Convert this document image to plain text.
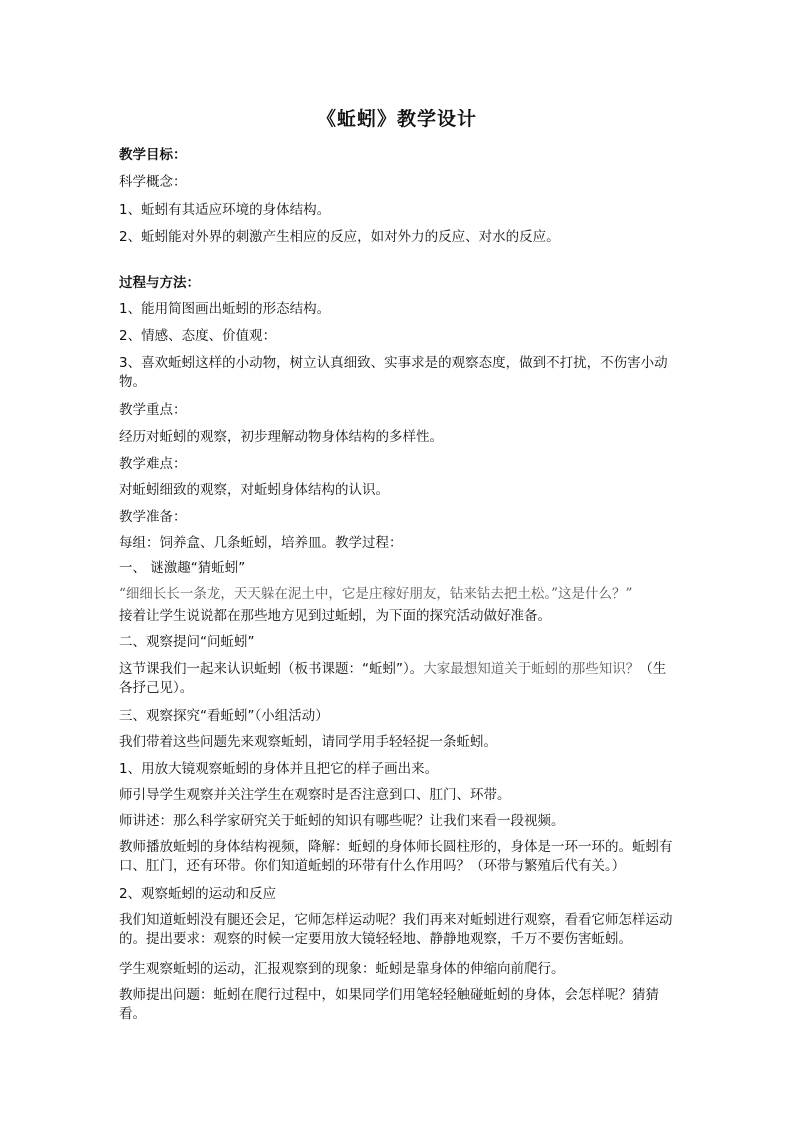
《蚯蚓》教学设计
教学目标：
科学概念：
1、蚯蚓有其适应环境的身体结构。
2、蚯蚓能对外界的刺激产生相应的反应，如对外力的反应、对水的反应。
过程与方法：
1、能用简图画出蚯蚓的形态结构。
2、情感、态度、价值观：
3、喜欢蚯蚓这样的小动物，树立认真细致、实事求是的观察态度，做到不打扰，不伤害小动物。
教学重点：
经历对蚯蚓的观察，初步理解动物身体结构的多样性。
教学难点：
对蚯蚓细致的观察，对蚯蚓身体结构的认识。
教学准备：
每组：饲养盒、几条蚯蚓，培养皿。教学过程：
一、 谜激趣“猜蚯蚓”
“细细长长一条龙，天天躲在泥土中，它是庄稼好朋友，钻来钻去把土松。”这是什么？”
接着让学生说说都在那些地方见到过蚯蚓，为下面的探究活动做好准备。
二、观察提问“问蚯蚓”
这节课我们一起来认识蚯蚓（板书课题：“蚯蚓”）。大家最想知道关于蚯蚓的那些知识？（生各抒己见）。
三、观察探究“看蚯蚓”（小组活动）
我们带着这些问题先来观察蚯蚓，请同学用手轻轻捉一条蚯蚓。
1、用放大镜观察蚯蚓的身体并且把它的样子画出来。
师引导学生观察并关注学生在观察时是否注意到口、肛门、环带。
师讲述：那么科学家研究关于蚯蚓的知识有哪些呢？让我们来看一段视频。
教师播放蚯蚓的身体结构视频，降解：蚯蚓的身体师长圆柱形的，身体是一环一环的。蚯蚓有口、肛门，还有环带。你们知道蚯蚓的环带有什么作用吗？（环带与繁殖后代有关。）
2、观察蚯蚓的运动和反应
我们知道蚯蚓没有腿还会足，它师怎样运动呢？我们再来对蚯蚓进行观察，看看它师怎样运动的。提出要求：观察的时候一定要用放大镜轻轻地、静静地观察，千万不要伤害蚯蚓。
学生观察蚯蚓的运动，汇报观察到的现象：蚯蚓是靠身体的伸缩向前爬行。
教师提出问题：蚯蚓在爬行过程中，如果同学们用笔轻轻触碰蚯蚓的身体，会怎样呢？猜猜看。
